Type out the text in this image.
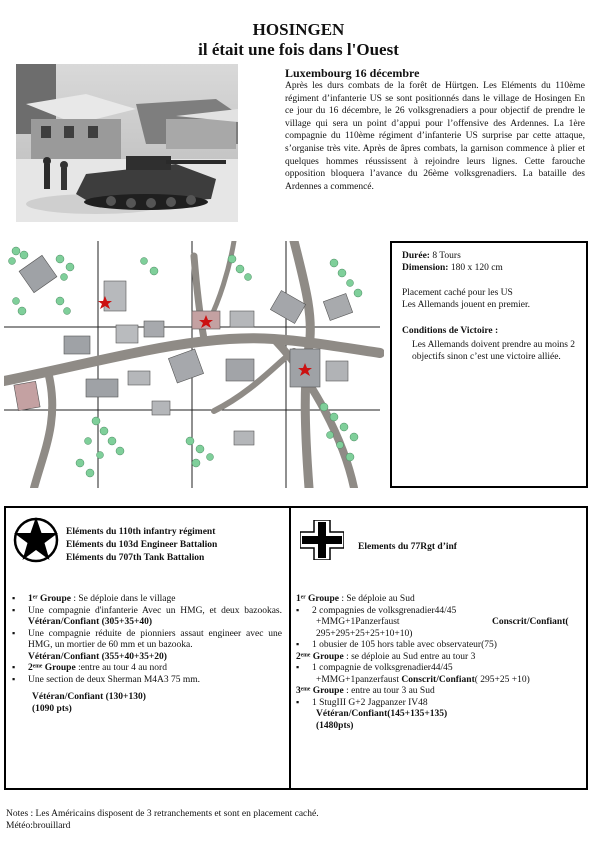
HOSINGEN
il était une fois dans l'Ouest
Luxembourg 16 décembre
Après les durs combats de la forêt de Hürtgen. Les Eléments du 110ème régiment d’infanterie US se sont positionnés dans le village de Hosingen En ce jour du 16 décembre, le 26 volksgrenadiers a pour objectif de prendre le village qui sera un point d’appui pour l’offensive des Ardennes. La 1ère compagnie du 110ème régiment d’infanterie US surprise par cette attaque, s’organise très vite. Après de âpres combats, la garnison commence à plier et quelques hommes réussissent à rejoindre leurs lignes. Cette farouche opposition bloquera l’avance du 26ème volksgrenadiers. La bataille des Ardennes a commencé.
Durée: 8 Tours
Dimension: 180 x 120 cm
Placement caché pour les US
Les Allemands jouent en premier.
Conditions de Victoire :
Les Allemands doivent prendre au moins 2 objectifs sinon c’est une victoire alliée.
Eléments du 110th infantry régiment
Eléments du 103d Engineer Battalion
Eléments du 707th Tank Battalion
▪ 1ᵉʳ Groupe : Se déploie dans le village
▪ Une compagnie d'infanterie Avec un HMG, et deux bazookas. Vétéran/Confiant (305+35+40)
▪ Une compagnie réduite de pionniers assaut engineer avec une HMG, un mortier de 60 mm et un bazooka.
Vétéran/Confiant (355+40+35+20)
▪ 2ᵉᵐᵉ Groupe :entre au tour 4 au nord
▪ Une section de deux Sherman M4A3 75 mm.
Vétéran/Confiant (130+130)
(1090 pts)
Elements du 77Rgt d’inf
1ᵉʳ Groupe : Se déploie au Sud
▪ 2 compagnies de volksgrenadier44/45
+MMG+1Panzerfaust	Conscrit/Confiant(
295+295+25+25+10+10)
▪ 1 obusier de 105 hors table avec observateur(75)
2ᵉᵐᵉ Groupe : se déploie au Sud entre au tour 3
▪ 1 compagnie de volksgrenadier44/45
+MMG+1panzerfaust Conscrit/Confiant( 295+25 +10)
3ᵉᵐᵉ Groupe : entre au tour 3 au Sud
▪ 1 StugIII G+2 Jagpanzer IV48
Vétéran/Confiant(145+135+135)
(1480pts)
Notes : Les Américains disposent de 3 retranchements et sont en placement caché.
Météo:brouillard
